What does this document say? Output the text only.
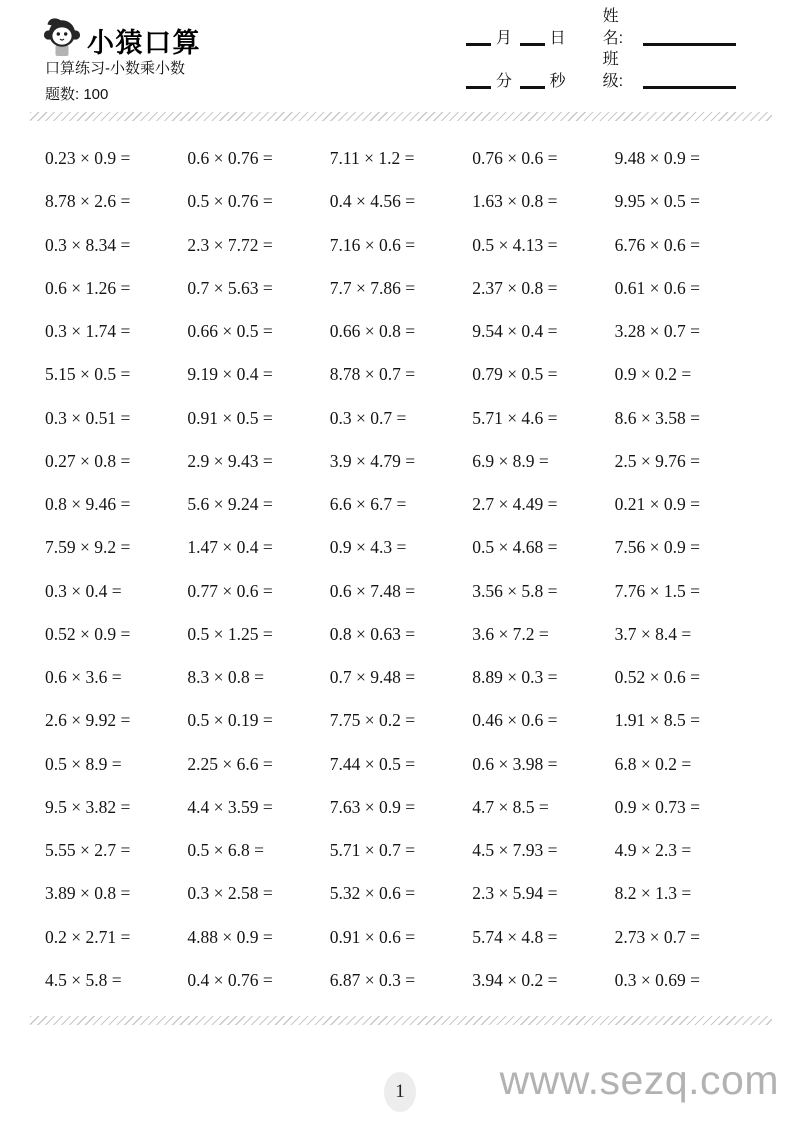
小猿口算
口算练习-小数乘小数
题数: 100
月 日
姓名:
分 秒
班级:
0.23 × 0.9 =	0.6 × 0.76 =	7.11 × 1.2 =	0.76 × 0.6 =	9.48 × 0.9 =
8.78 × 2.6 =	0.5 × 0.76 =	0.4 × 4.56 =	1.63 × 0.8 =	9.95 × 0.5 =
0.3 × 8.34 =	2.3 × 7.72 =	7.16 × 0.6 =	0.5 × 4.13 =	6.76 × 0.6 =
0.6 × 1.26 =	0.7 × 5.63 =	7.7 × 7.86 =	2.37 × 0.8 =	0.61 × 0.6 =
0.3 × 1.74 =	0.66 × 0.5 =	0.66 × 0.8 =	9.54 × 0.4 =	3.28 × 0.7 =
5.15 × 0.5 =	9.19 × 0.4 =	8.78 × 0.7 =	0.79 × 0.5 =	0.9 × 0.2 =
0.3 × 0.51 =	0.91 × 0.5 =	0.3 × 0.7 =	5.71 × 4.6 =	8.6 × 3.58 =
0.27 × 0.8 =	2.9 × 9.43 =	3.9 × 4.79 =	6.9 × 8.9 =	2.5 × 9.76 =
0.8 × 9.46 =	5.6 × 9.24 =	6.6 × 6.7 =	2.7 × 4.49 =	0.21 × 0.9 =
7.59 × 9.2 =	1.47 × 0.4 =	0.9 × 4.3 =	0.5 × 4.68 =	7.56 × 0.9 =
0.3 × 0.4 =	0.77 × 0.6 =	0.6 × 7.48 =	3.56 × 5.8 =	7.76 × 1.5 =
0.52 × 0.9 =	0.5 × 1.25 =	0.8 × 0.63 =	3.6 × 7.2 =	3.7 × 8.4 =
0.6 × 3.6 =	8.3 × 0.8 =	0.7 × 9.48 =	8.89 × 0.3 =	0.52 × 0.6 =
2.6 × 9.92 =	0.5 × 0.19 =	7.75 × 0.2 =	0.46 × 0.6 =	1.91 × 8.5 =
0.5 × 8.9 =	2.25 × 6.6 =	7.44 × 0.5 =	0.6 × 3.98 =	6.8 × 0.2 =
9.5 × 3.82 =	4.4 × 3.59 =	7.63 × 0.9 =	4.7 × 8.5 =	0.9 × 0.73 =
5.55 × 2.7 =	0.5 × 6.8 =	5.71 × 0.7 =	4.5 × 7.93 =	4.9 × 2.3 =
3.89 × 0.8 =	0.3 × 2.58 =	5.32 × 0.6 =	2.3 × 5.94 =	8.2 × 1.3 =
0.2 × 2.71 =	4.88 × 0.9 =	0.91 × 0.6 =	5.74 × 4.8 =	2.73 × 0.7 =
4.5 × 5.8 =	0.4 × 0.76 =	6.87 × 0.3 =	3.94 × 0.2 =	0.3 × 0.69 =
1 www.sezq.com
